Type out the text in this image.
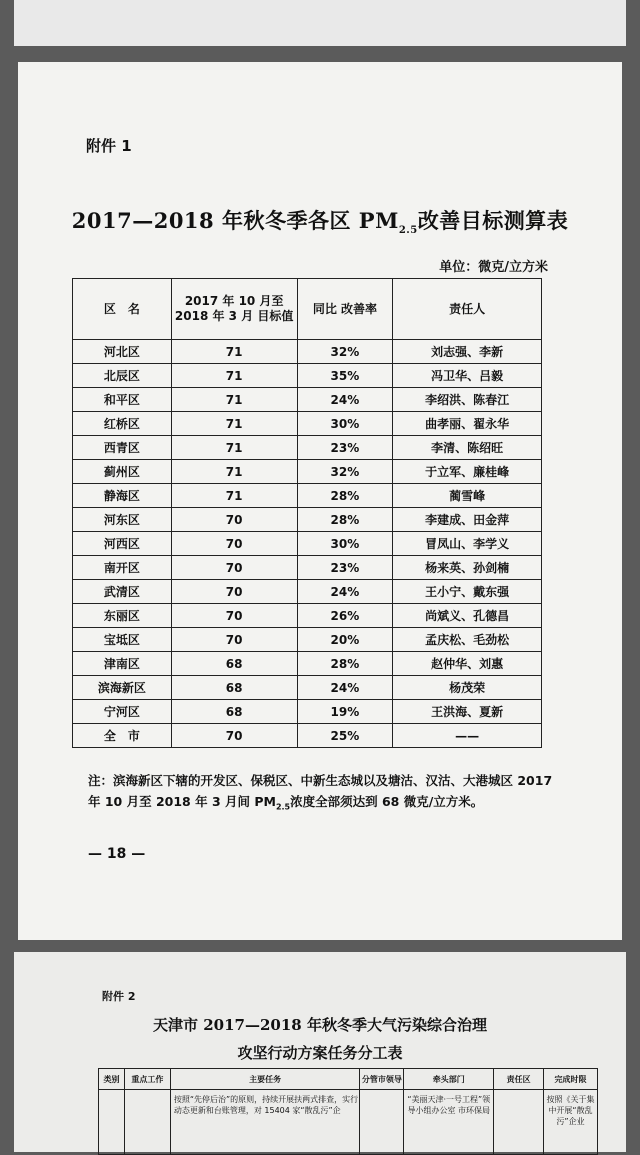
附件 1
2017—2018 年秋冬季各区 $PM_{2.5}$改善目标测算表
单位：微克/立方米
区　名	2017 年 10 月至 2018 年 3 月 目标值	同比 改善率	责任人
河北区	71	32%	刘志强、李新
北辰区	71	35%	冯卫华、吕毅
和平区	71	24%	李绍洪、陈春江
红桥区	71	30%	曲孝丽、翟永华
西青区	71	23%	李清、陈绍旺
蓟州区	71	32%	于立军、廉桂峰
静海区	71	28%	蔺雪峰
河东区	70	28%	李建成、田金萍
河西区	70	30%	冒凤山、李学义
南开区	70	23%	杨来英、孙剑楠
武清区	70	24%	王小宁、戴东强
东丽区	70	26%	尚斌义、孔德昌
宝坻区	70	20%	孟庆松、毛劲松
津南区	68	28%	赵仲华、刘惠
滨海新区	68	24%	杨茂荣
宁河区	68	19%	王洪海、夏新
全　市	70	25%	——
注：滨海新区下辖的开发区、保税区、中新生态城以及塘沽、汉沽、大港城区 2017 年 10 月至 2018 年 3 月间 $PM_{2.5}$浓度全部须达到 68 微克/立方米。
— 18 —
附件 2
天津市 2017—2018 年秋冬季大气污染综合治理
攻坚行动方案任务分工表
类别	重点工作	主要任务	分管市领导	牵头部门	责任区	完成时限
		按照“先停后治”的原则，持续开展扶两式排查，实行动态更新和台账管理，对 15404 家“散乱污”企		“美丽天津·一号工程”领导小组办公室 市环保局		按照《关于集中开展“散乱污”企业
